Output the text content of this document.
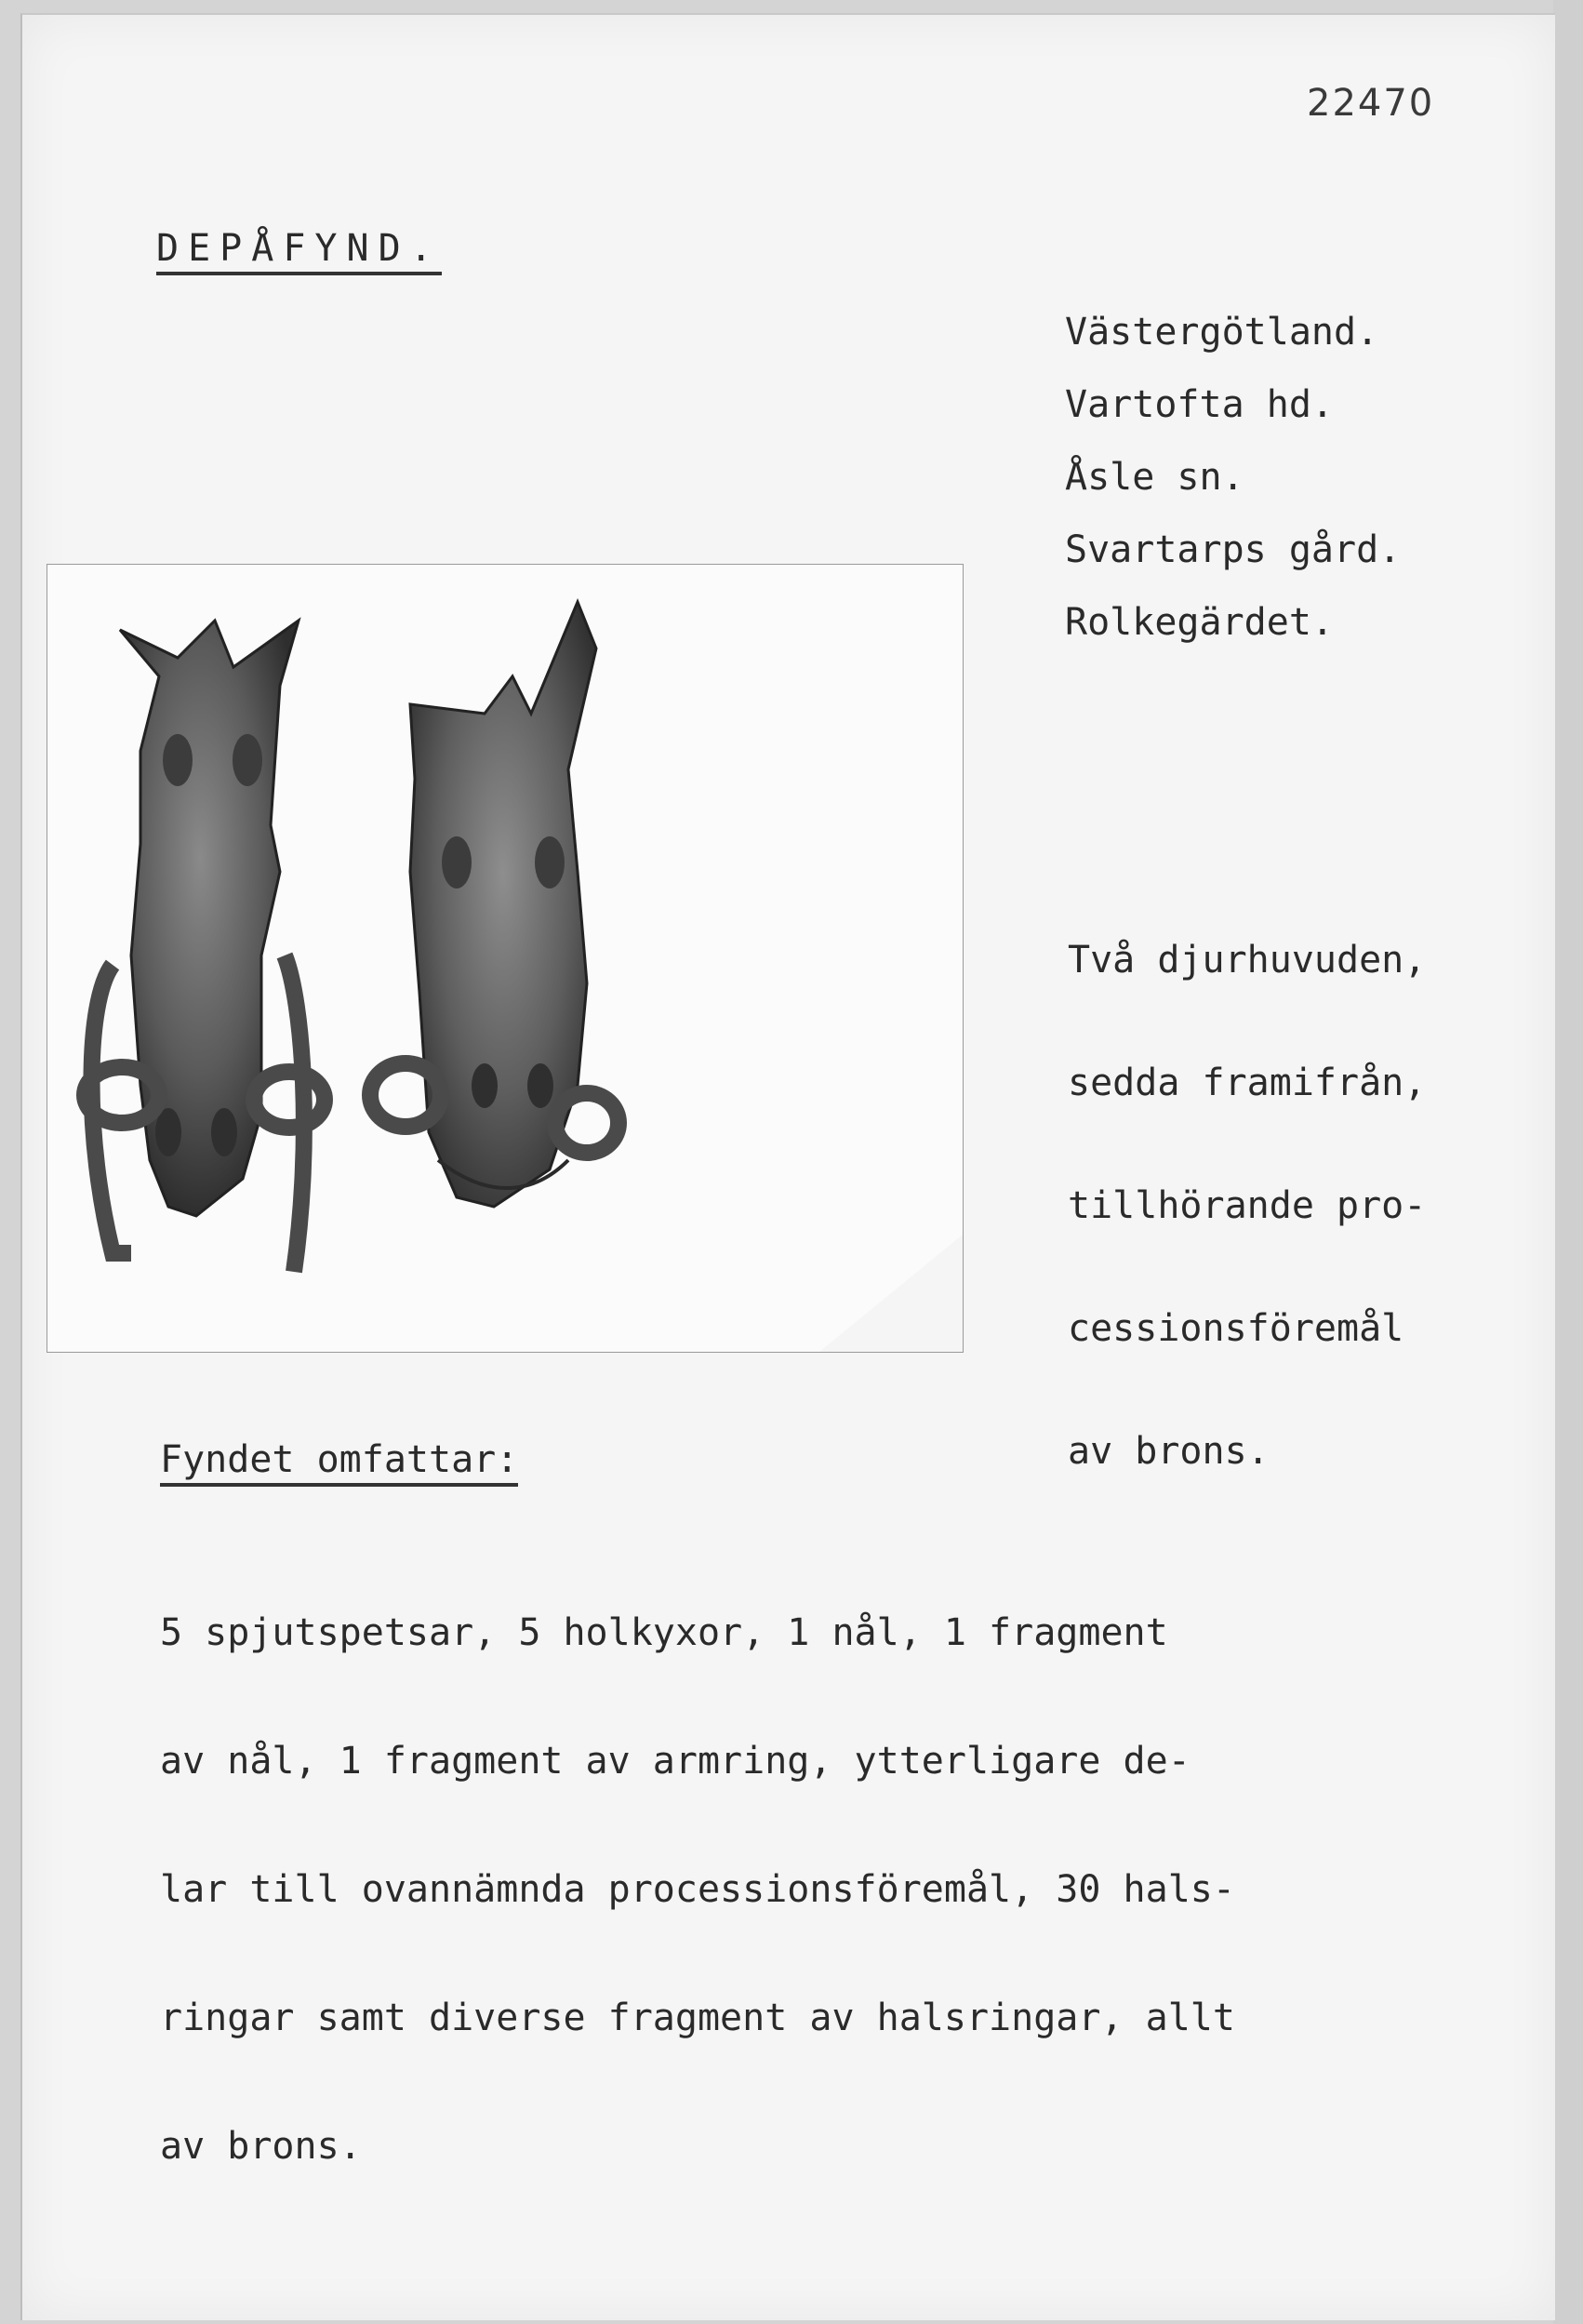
22470
DEPÅFYND.
Västergötland.
Vartofta hd.
Åsle sn.
Svartarps gård.
Rolkegärdet.

Två djurhuvuden,

sedda framifrån,

tillhörande pro-

cessionsföremål

av brons.

Fyndet omfattar:

5 spjutspetsar, 5 holkyxor, 1 nål, 1 fragment

av nål, 1 fragment av armring, ytterligare de-

lar till ovannämnda processionsföremål, 30 hals-

ringar samt diverse fragment av halsringar, allt

av brons.
